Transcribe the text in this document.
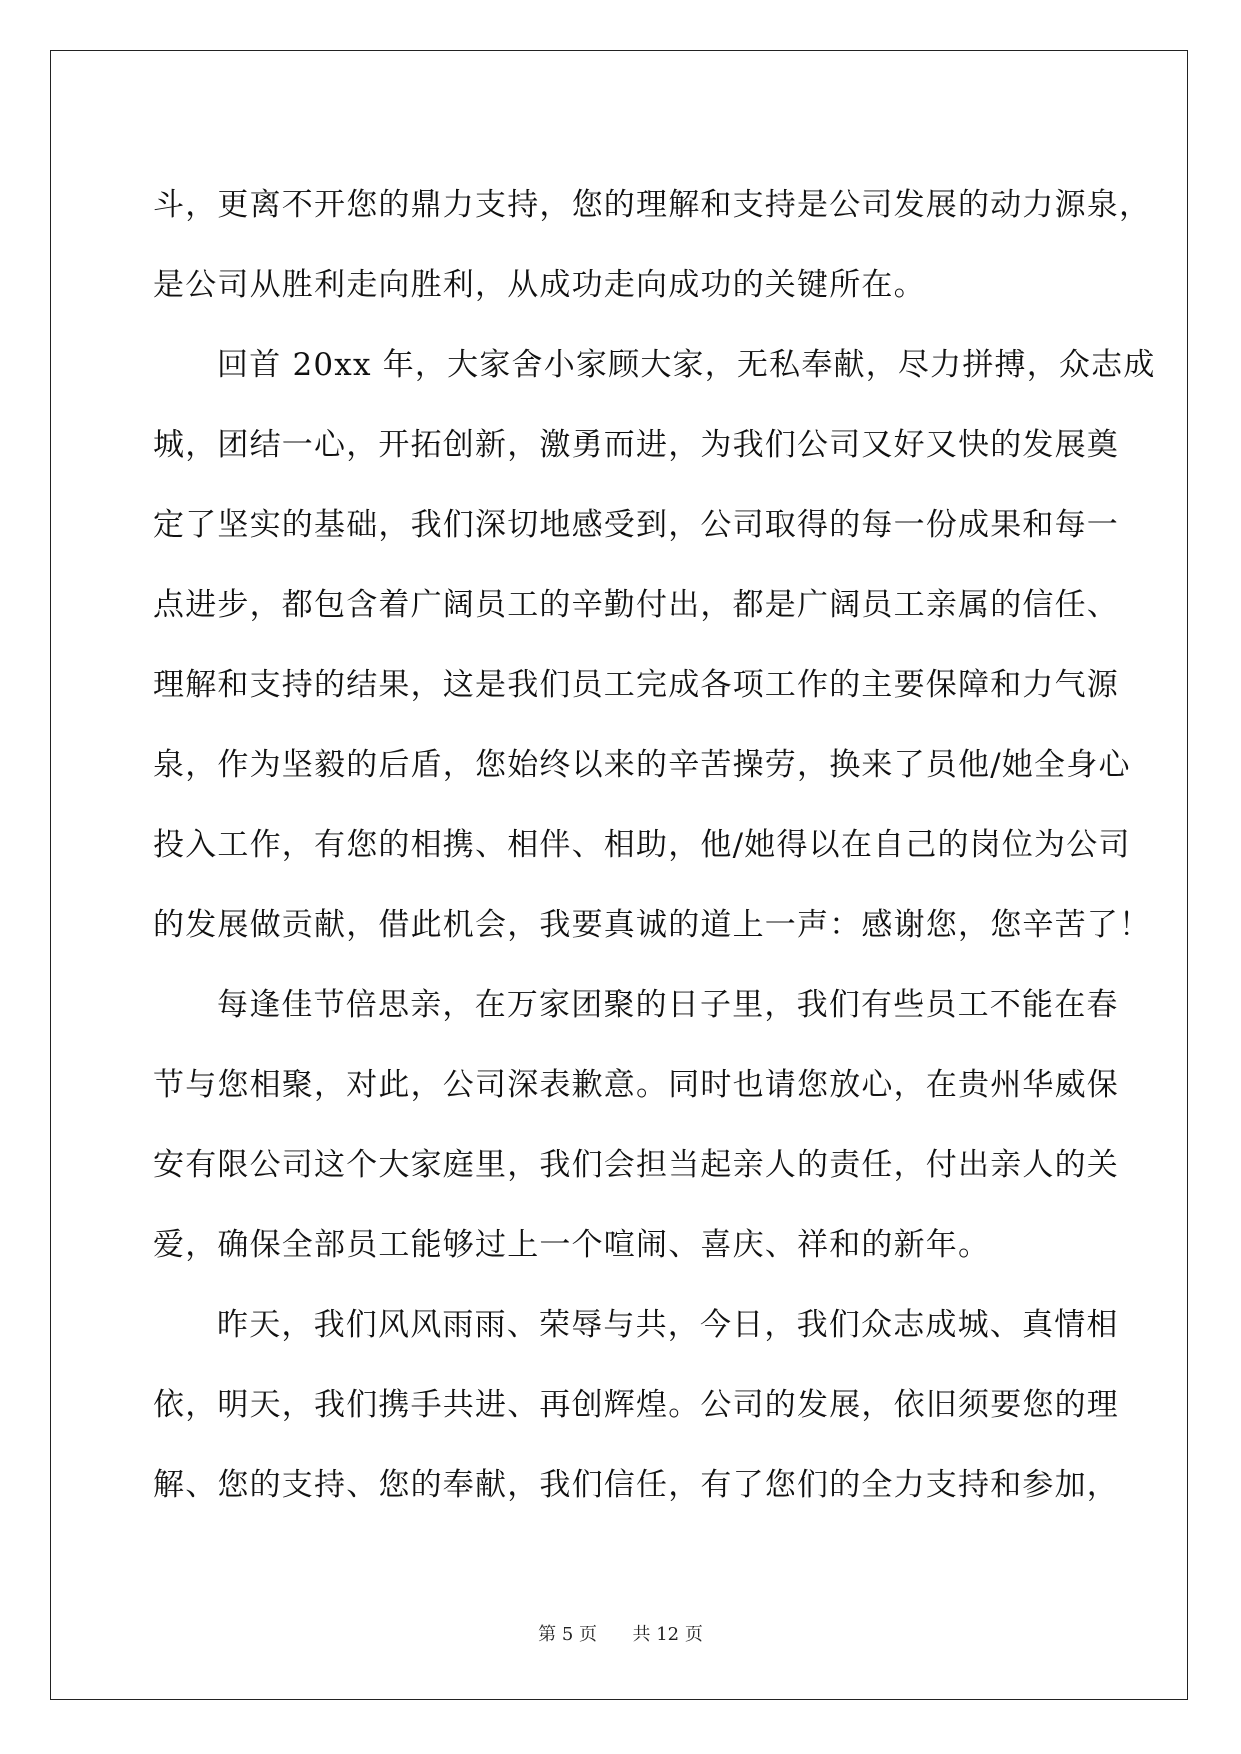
斗，更离不开您的鼎力支持，您的理解和支持是公司发展的动力源泉，
是公司从胜利走向胜利，从成功走向成功的关键所在。
回首 20xx 年，大家舍小家顾大家，无私奉献，尽力拼搏，众志成
城，团结一心，开拓创新，激勇而进，为我们公司又好又快的发展奠
定了坚实的基础，我们深切地感受到，公司取得的每一份成果和每一
点进步，都包含着广阔员工的辛勤付出，都是广阔员工亲属的信任、
理解和支持的结果，这是我们员工完成各项工作的主要保障和力气源
泉，作为坚毅的后盾，您始终以来的辛苦操劳，换来了员他/她全身心
投入工作，有您的相携、相伴、相助，他/她得以在自己的岗位为公司
的发展做贡献，借此机会，我要真诚的道上一声：感谢您，您辛苦了！
每逢佳节倍思亲，在万家团聚的日子里，我们有些员工不能在春
节与您相聚，对此，公司深表歉意。同时也请您放心，在贵州华威保
安有限公司这个大家庭里，我们会担当起亲人的责任，付出亲人的关
爱，确保全部员工能够过上一个喧闹、喜庆、祥和的新年。
昨天，我们风风雨雨、荣辱与共，今日，我们众志成城、真情相
依，明天，我们携手共进、再创辉煌。公司的发展，依旧须要您的理
解、您的支持、您的奉献，我们信任，有了您们的全力支持和参加，
第 5 页 共 12 页
